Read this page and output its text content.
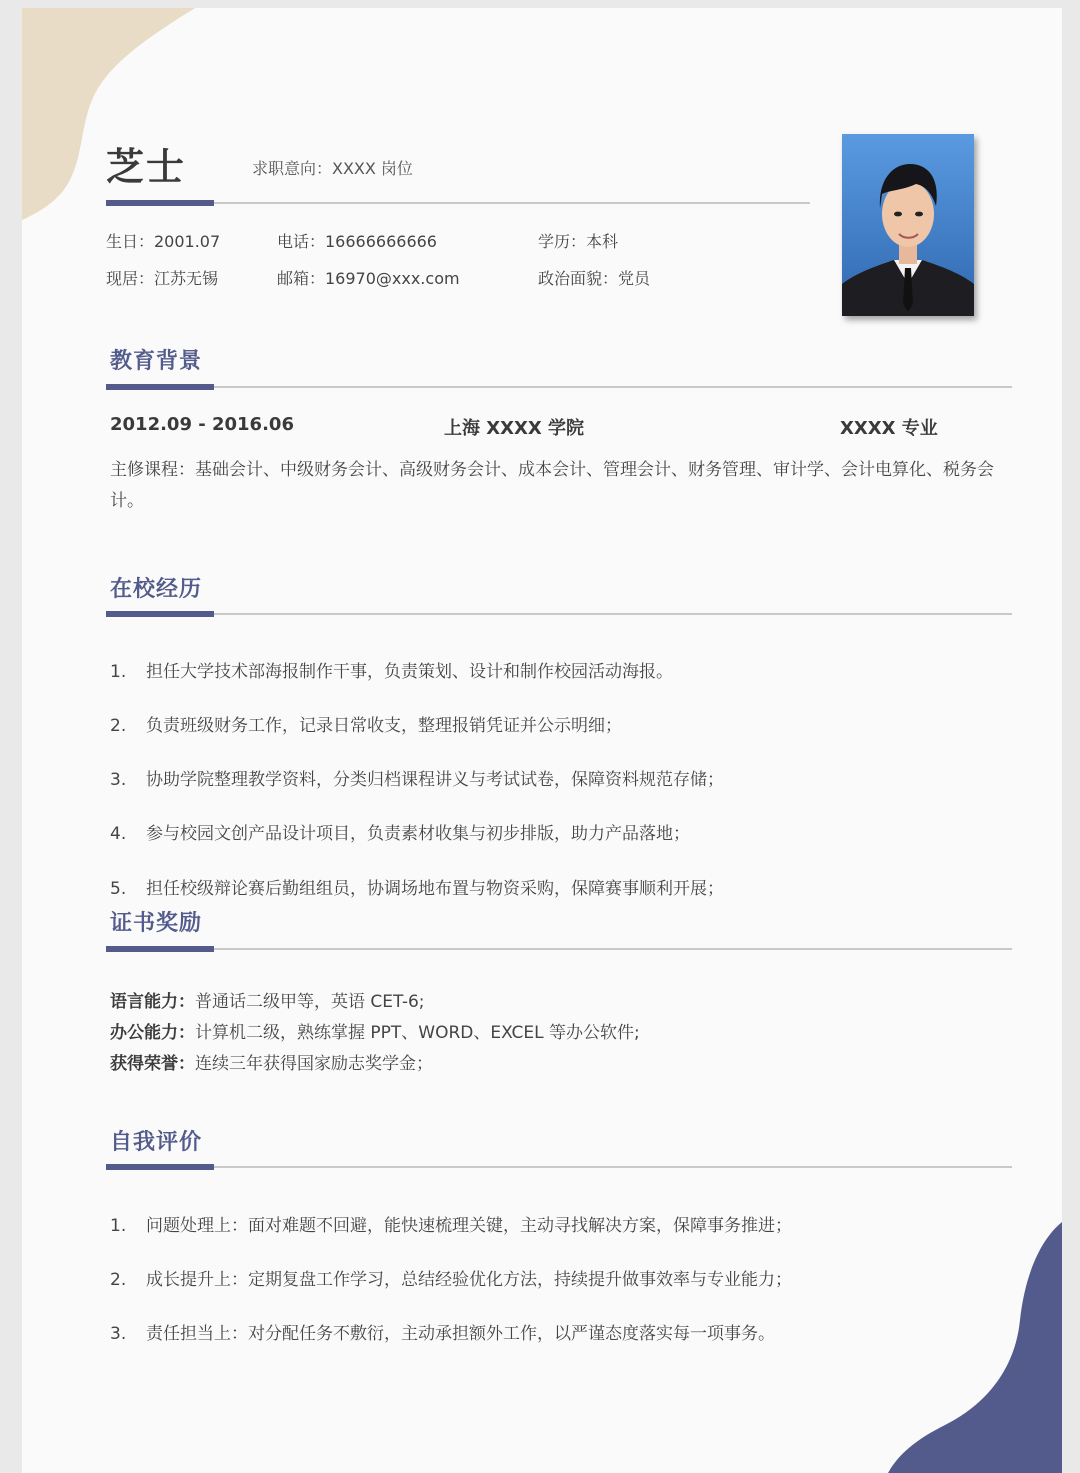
芝士	求职意向：XXXX 岗位
生日：2001.07	电话：16666666666	学历：本科
现居：江苏无锡	邮箱：16970@xxx.com	政治面貌：党员
教育背景
2012.09 - 2016.06	上海 XXXX 学院	XXXX 专业
主修课程：基础会计、中级财务会计、高级财务会计、成本会计、管理会计、财务管理、审计学、会计电算化、税务会计。
在校经历
1. 担任大学技术部海报制作干事，负责策划、设计和制作校园活动海报。
2. 负责班级财务工作，记录日常收支，整理报销凭证并公示明细；
3. 协助学院整理教学资料，分类归档课程讲义与考试试卷，保障资料规范存储；
4. 参与校园文创产品设计项目，负责素材收集与初步排版，助力产品落地；
5. 担任校级辩论赛后勤组组员，协调场地布置与物资采购，保障赛事顺利开展；
证书奖励
语言能力：普通话二级甲等，英语 CET-6;
办公能力：计算机二级，熟练掌握 PPT、WORD、EXCEL 等办公软件;
获得荣誉：连续三年获得国家励志奖学金；
自我评价
1. 问题处理上：面对难题不回避，能快速梳理关键，主动寻找解决方案，保障事务推进；
2. 成长提升上：定期复盘工作学习，总结经验优化方法，持续提升做事效率与专业能力；
3. 责任担当上：对分配任务不敷衍，主动承担额外工作，以严谨态度落实每一项事务。
